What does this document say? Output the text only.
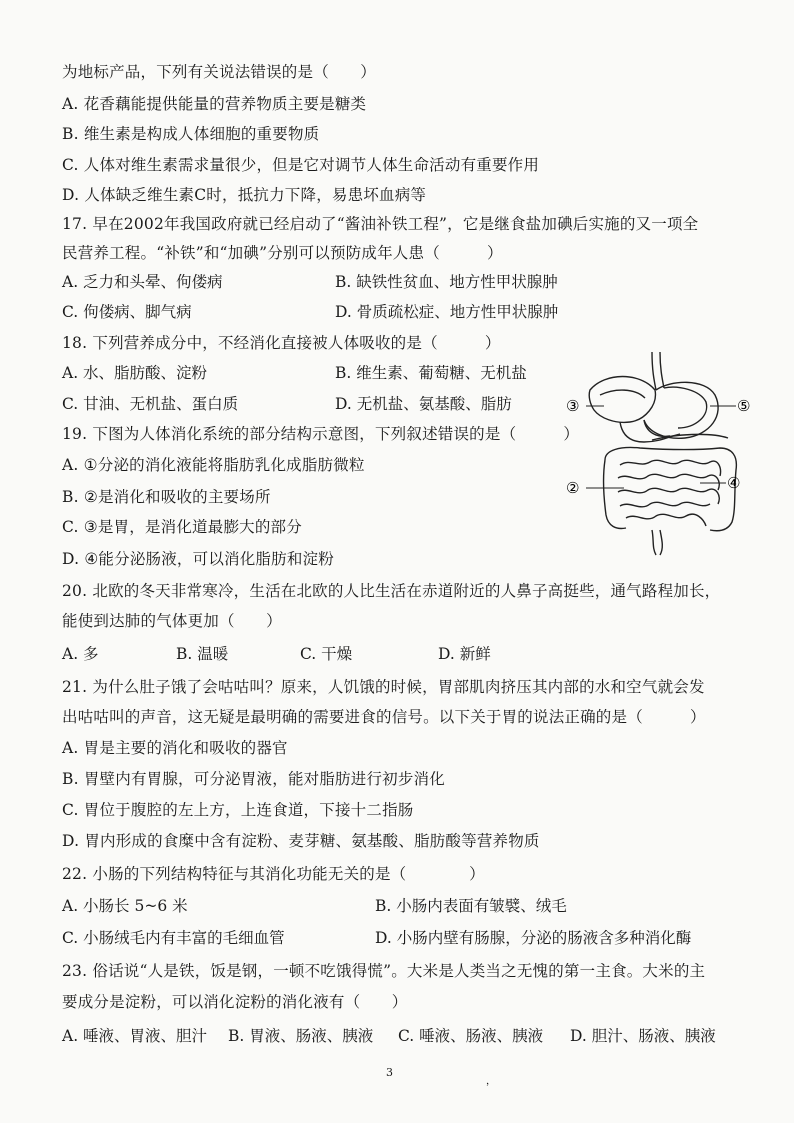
为地标产品，下列有关说法错误的是（　　）
A. 花香藕能提供能量的营养物质主要是糖类
B. 维生素是构成人体细胞的重要物质
C. 人体对维生素需求量很少，但是它对调节人体生命活动有重要作用
D. 人体缺乏维生素C时，抵抗力下降，易患坏血病等
17. 早在2002年我国政府就已经启动了“酱油补铁工程”，它是继食盐加碘后实施的又一项全
民营养工程。“补铁”和“加碘”分别可以预防成年人患（　　　）
A. 乏力和头晕、佝偻病	B. 缺铁性贫血、地方性甲状腺肿
C. 佝偻病、脚气病	D. 骨质疏松症、地方性甲状腺肿
18. 下列营养成分中，不经消化直接被人体吸收的是（　　　）
A. 水、脂肪酸、淀粉	B. 维生素、葡萄糖、无机盐
C. 甘油、无机盐、蛋白质	D. 无机盐、氨基酸、脂肪
19. 下图为人体消化系统的部分结构示意图，下列叙述错误的是（　　　）
A. ①分泌的消化液能将脂肪乳化成脂肪微粒
B. ②是消化和吸收的主要场所
C. ③是胃，是消化道最膨大的部分
D. ④能分泌肠液，可以消化脂肪和淀粉
③	⑤
②	④
20. 北欧的冬天非常寒冷，生活在北欧的人比生活在赤道附近的人鼻子高挺些，通气路程加长，
能使到达肺的气体更加（　　）
A. 多	B. 温暖	C. 干燥	D. 新鲜
21. 为什么肚子饿了会咕咕叫？原来，人饥饿的时候，胃部肌肉挤压其内部的水和空气就会发
出咕咕叫的声音，这无疑是最明确的需要进食的信号。以下关于胃的说法正确的是（　　　）
A. 胃是主要的消化和吸收的器官
B. 胃壁内有胃腺，可分泌胃液，能对脂肪进行初步消化
C. 胃位于腹腔的左上方，上连食道，下接十二指肠
D. 胃内形成的食糜中含有淀粉、麦芽糖、氨基酸、脂肪酸等营养物质
22. 小肠的下列结构特征与其消化功能无关的是（　　　　）
A. 小肠长 5~6 米	B. 小肠内表面有皱襞、绒毛
C. 小肠绒毛内有丰富的毛细血管	D. 小肠内壁有肠腺，分泌的肠液含多种消化酶
23. 俗话说“人是铁，饭是钢，一顿不吃饿得慌”。大米是人类当之无愧的第一主食。大米的主
要成分是淀粉，可以消化淀粉的消化液有（　　）
A. 唾液、胃液、胆汁 B. 胃液、肠液、胰液 C. 唾液、肠液、胰液 D. 胆汁、肠液、胰液
3
，
